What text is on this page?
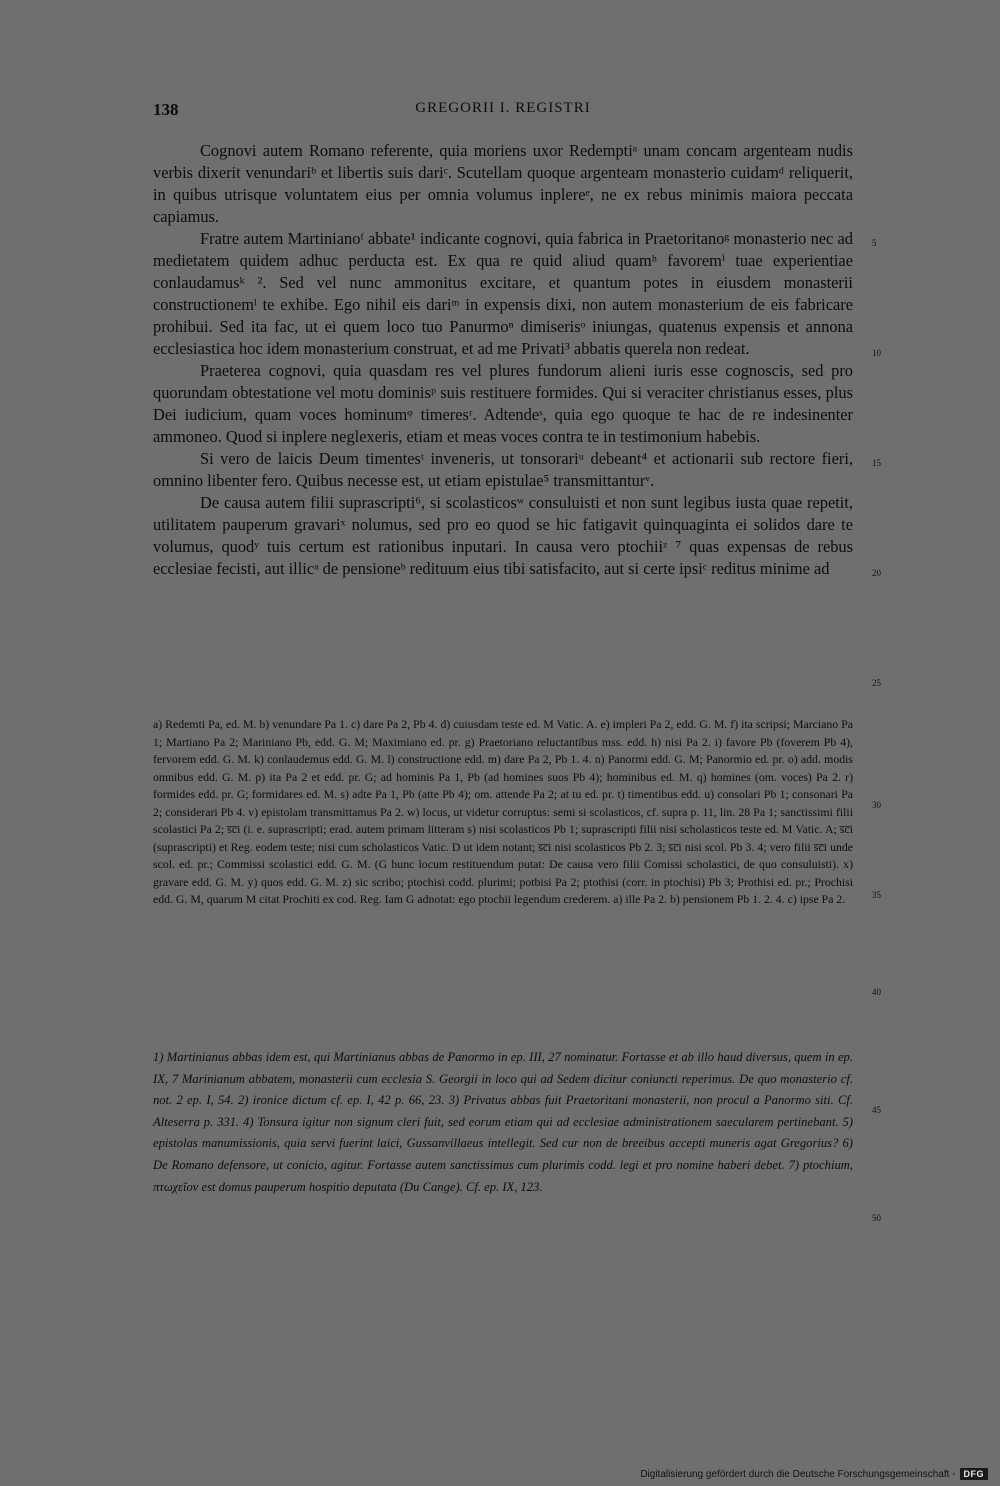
138	GREGORII I. REGISTRI

Cognovi autem Romano referente, quia moriens uxor Redemptiᵃ unam concam argenteam nudis verbis dixerit venundariᵇ et libertis suis dariᶜ. Scutellam quoque argenteam monasterio cuidamᵈ reliquerit, in quibus utrisque voluntatem eius per omnia volumus inplereᵉ, ne ex rebus minimis maiora peccata capiamus.

Fratre autem Martinianoᶠ abbate¹ indicante cognovi, quia fabrica in Praetoritanoᵍ monasterio nec ad medietatem quidem adhuc perducta est. Ex qua re quid aliud quamʰ favoremⁱ tuae experientiae conlaudamusᵏ ². Sed vel nunc ammonitus excitare, et quantum potes in eiusdem monasterii constructionemˡ te exhibe. Ego nihil eis dariᵐ in expensis dixi, non autem monasterium de eis fabricare prohibui. Sed ita fac, ut ei quem loco tuo Panurmoⁿ dimiserisᵒ iniungas, quatenus expensis et annona ecclesiastica hoc idem monasterium construat, et ad me Privati³ abbatis querela non redeat.

Praeterea cognovi, quia quasdam res vel plures fundorum alieni iuris esse cognoscis, sed pro quorundam obtestatione vel motu dominisᵖ suis restituere formides. Qui si veraciter christianus esses, plus Dei iudicium, quam voces hominumᵠ timeresʳ. Adtendeˢ, quia ego quoque te hac de re indesinenter ammoneo. Quod si inplere neglexeris, etiam et meas voces contra te in testimonium habebis.

Si vero de laicis Deum timentesᵗ inveneris, ut tonsorariᵘ debeant⁴ et actionarii sub rectore fieri, omnino libenter fero. Quibus necesse est, ut etiam epistulae⁵ transmittanturᵛ.

De causa autem filii suprascripti⁶, si scolasticosʷ consuluisti et non sunt legibus iusta quae repetit, utilitatem pauperum gravariˣ nolumus, sed pro eo quod se hic fatigavit quinquaginta ei solidos dare te volumus, quodʸ tuis certum est rationibus inputari. In causa vero ptochiiᶻ ⁷ quas expensas de rebus ecclesiae fecisti, aut illicᵃ de pensioneᵇ redituum eius tibi satisfacito, aut si certe ipsiᶜ reditus minime ad

5
10
15
20
25

a) Redemti Pa, ed. M. b) venundare Pa 1. c) dare Pa 2, Pb 4. d) cuiusdam teste ed. M Vatic. A. e) impleri Pa 2, edd. G. M. f) ita scripsi; Marciano Pa 1; Martiano Pa 2; Mariniano Pb, edd. G. M; Maximiano ed. pr. g) Praetoriano reluctantibus mss. edd. h) nisi Pa 2. i) favore Pb (foverem Pb 4), fervorem edd. G. M. k) conlaudemus edd. G. M. l) constructione edd. m) dare Pa 2, Pb 1. 4. n) Panormi edd. G. M; Panormio ed. pr. o) add. modis omnibus edd. G. M. p) ita Pa 2 et edd. pr. G; ad hominis Pa 1, Pb (ad homines suos Pb 4); hominibus ed. M. q) homines (om. voces) Pa 2. r) formides edd. pr. G; formidares ed. M. s) adte Pa 1, Pb (atte Pb 4); om. attende Pa 2; at tu ed. pr. t) timentibus edd. u) consolari Pb 1; consonari Pa 2; considerari Pb 4. v) epistolam transmittamus Pa 2. w) locus, ut videtur corruptus: semi si scolasticos, cf. supra p. 11, lin. 28 Pa 1; sanctissimi filii scolastici Pa 2; s̅c̅i (i. e. suprascripti; erad. autem primam litteram s) nisi scolasticos Pb 1; suprascripti filii nisi scholasticos teste ed. M Vatic. A; s̅c̅i (suprascripti) et Reg. eodem teste; nisi cum scholasticos Vatic. D ut idem notant; s̅c̅i nisi scolasticos Pb 2. 3; s̅c̅i nisi scol. Pb 3. 4; vero filii s̅c̅i unde scol. ed. pr.; Commissi scolastici edd. G. M. (G hunc locum restituendum putat: De causa vero filii Comissi scholastici, de quo consuluisti). x) gravare edd. G. M. y) quos edd. G. M. z) sic scribo; ptochisi codd. plurimi; potbisi Pa 2; ptothisi (corr. in ptochisi) Pb 3; Prothisi ed. pr.; Prochisi edd. G. M, quarum M citat Prochiti ex cod. Reg. Iam G adnotat: ego ptochii legendum crederem. a) ille Pa 2. b) pensionem Pb 1. 2. 4. c) ipse Pa 2.

30
35
40

1) Martinianus abbas idem est, qui Martinianus abbas de Panormo in ep. III, 27 nominatur. Fortasse et ab illo haud diversus, quem in ep. IX, 7 Marinianum abbatem, monasterii cum ecclesia S. Georgii in loco qui ad Sedem dicitur coniuncti reperimus. De quo monasterio cf. not. 2 ep. I, 54. 2) ironice dictum cf. ep. I, 42 p. 66, 23. 3) Privatus abbas fuit Praetoritani monasterii, non procul a Panormo siti. Cf. Alteserra p. 331. 4) Tonsura igitur non signum cleri fuit, sed eorum etiam qui ad ecclesiae administrationem saecularem pertinebant. 5) epistolas manumissionis, quia servi fuerint laici, Gussanvillaeus intellegit. Sed cur non de breeibus accepti muneris agat Gregorius? 6) De Romano defensore, ut conicio, agitur. Fortasse autem sanctissimus cum plurimis codd. legi et pro nomine haberi debet. 7) ptochium, πτωχεῖον est domus pauperum hospitio deputata (Du Cange). Cf. ep. IX, 123.

45
50
Digitalisierung gefördert durch die Deutsche Forschungsgemeinschaft - DFG
